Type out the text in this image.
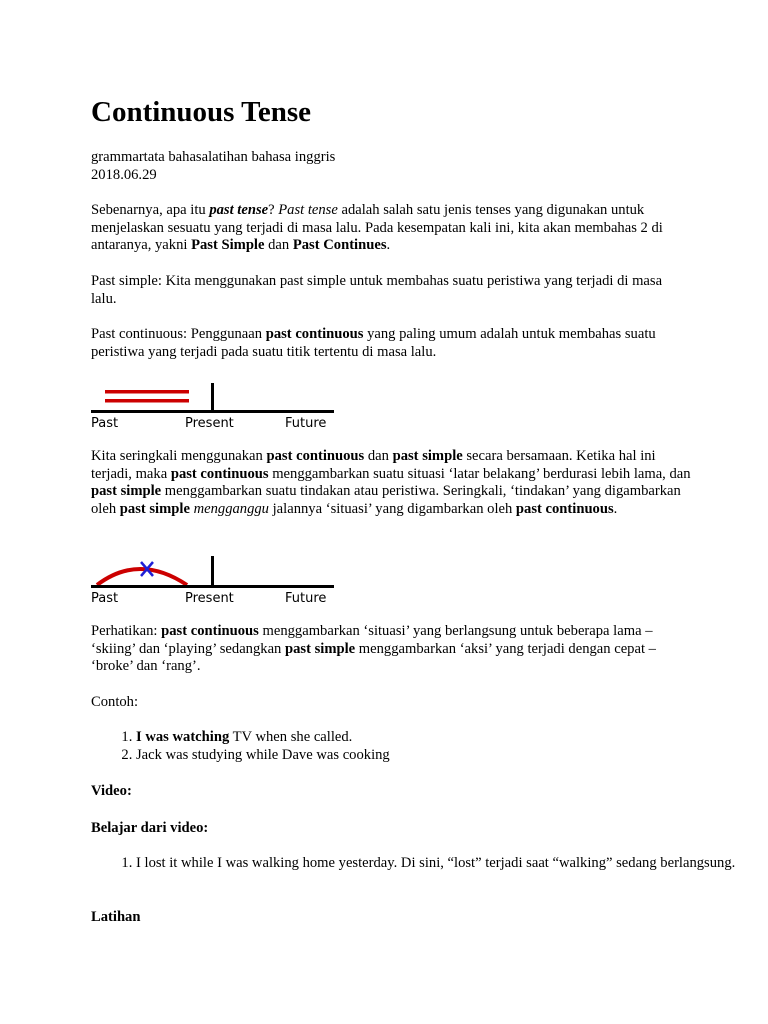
Continuous Tense
grammartata bahasalatihan bahasa inggris
2018.06.29

Sebenarnya, apa itu past tense? Past tense adalah salah satu jenis tenses yang digunakan untuk menjelaskan sesuatu yang terjadi di masa lalu. Pada kesempatan kali ini, kita akan membahas 2 di antaranya, yakni Past Simple dan Past Continues.

Past simple: Kita menggunakan past simple untuk membahas suatu peristiwa yang terjadi di masa lalu.

Past continuous: Penggunaan past continuous yang paling umum adalah untuk membahas suatu peristiwa yang terjadi pada suatu titik tertentu di masa lalu.

Past	Present	Future

Kita seringkali menggunakan past continuous dan past simple secara bersamaan. Ketika hal ini terjadi, maka past continuous menggambarkan suatu situasi ‘latar belakang’ berdurasi lebih lama, dan past simple menggambarkan suatu tindakan atau peristiwa. Seringkali, ‘tindakan’ yang digambarkan oleh past simple mengganggu jalannya ‘situasi’ yang digambarkan oleh past continuous.

Past	Present	Future

Perhatikan: past continuous menggambarkan ‘situasi’ yang berlangsung untuk beberapa lama – ‘skiing’ dan ‘playing’ sedangkan past simple menggambarkan ‘aksi’ yang terjadi dengan cepat – ‘broke’ dan ‘rang’.

Contoh:

1. I was watching TV when she called.
2. Jack was studying while Dave was cooking

Video:

Belajar dari video:

1. I lost it while I was walking home yesterday. Di sini, “lost” terjadi saat “walking” sedang berlangsung.

Latihan
